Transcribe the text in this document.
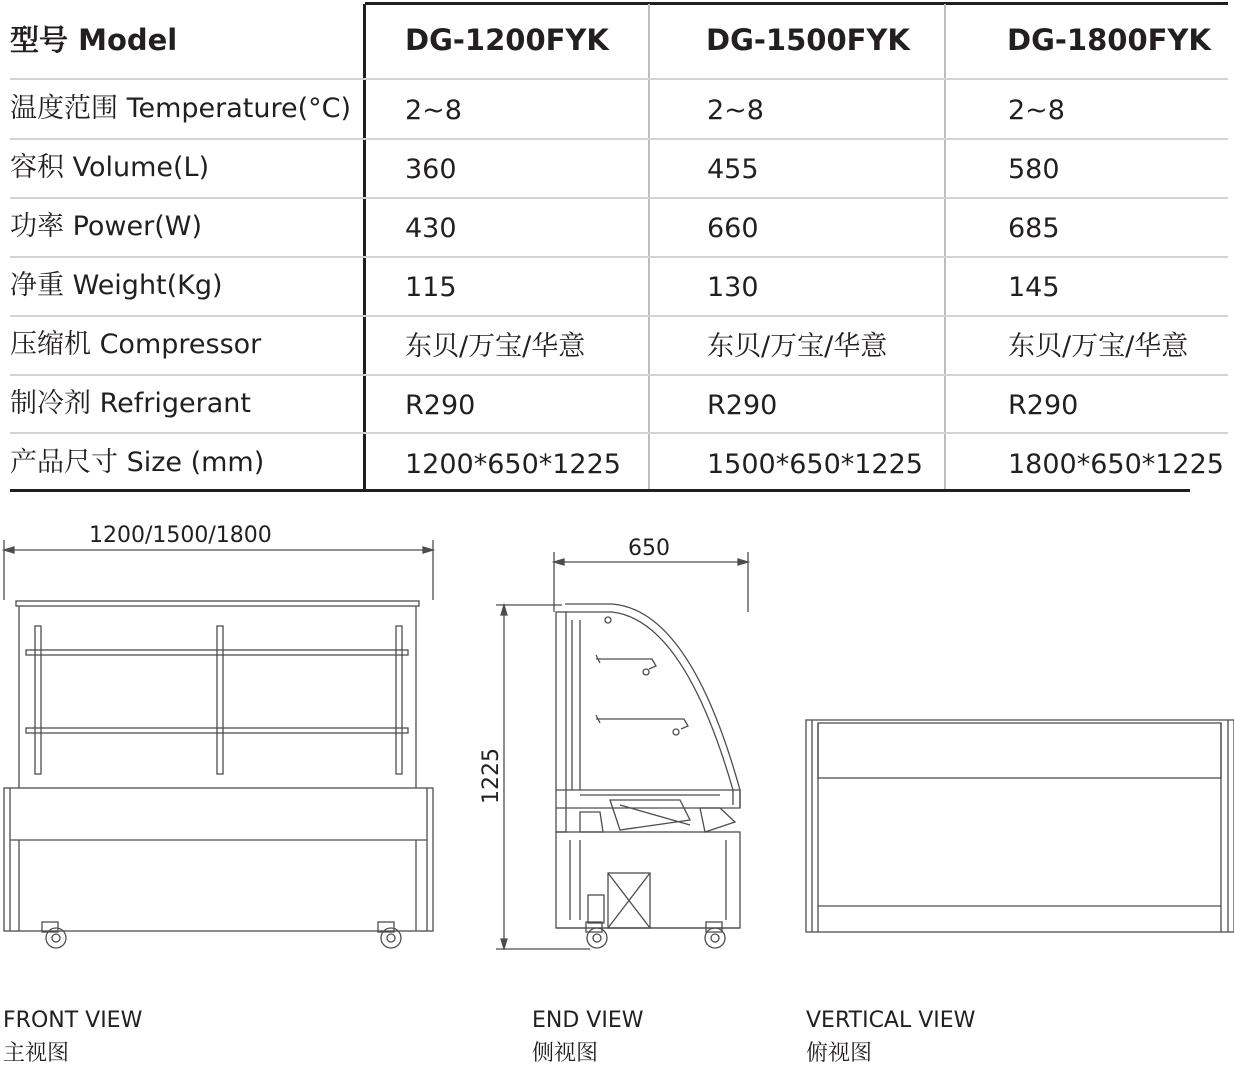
型号 Model	DG-1200FYK	DG-1500FYK	DG-1800FYK
温度范围 Temperature(°C) 2~8	2~8	2~8
容积 Volume(L)	360	455	580
功率 Power(W)	430	660	685
净重 Weight(Kg)	115	130	145
压缩机 Compressor	东贝/万宝/华意	东贝/万宝/华意	东贝/万宝/华意
制冷剂 Refrigerant	R290	R290	R290
产品尺寸 Size (mm)	1200*650*1225	1500*650*1225	1800*650*1225
1200/1500/1800
650
1225
FRONT VIEW
主视图
END VIEW
侧视图
VERTICAL VIEW
俯视图
